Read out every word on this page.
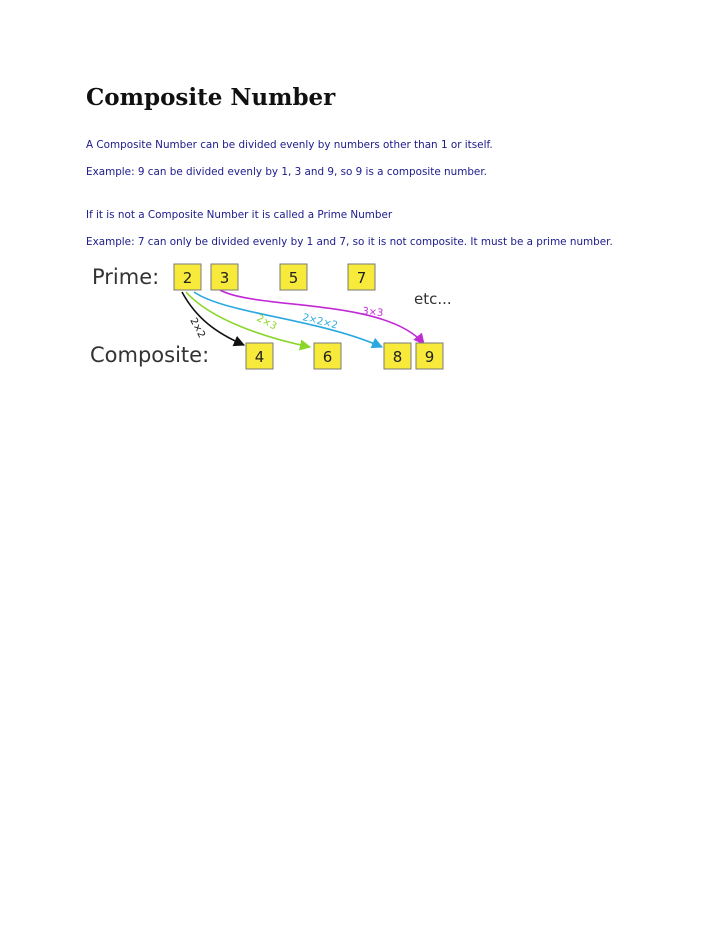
Composite Number

A Composite Number can be divided evenly by numbers other than 1 or itself.

Example: 9 can be divided evenly by 1, 3 and 9, so 9 is a composite number.

If it is not a Composite Number it is called a Prime Number

Example: 7 can only be divided evenly by 1 and 7, so it is not composite. It must be a prime number.

Prime:
Composite:
etc...
2×2	2×3 2×2×2 3×3
2 3	5	7
4	6	8 9
